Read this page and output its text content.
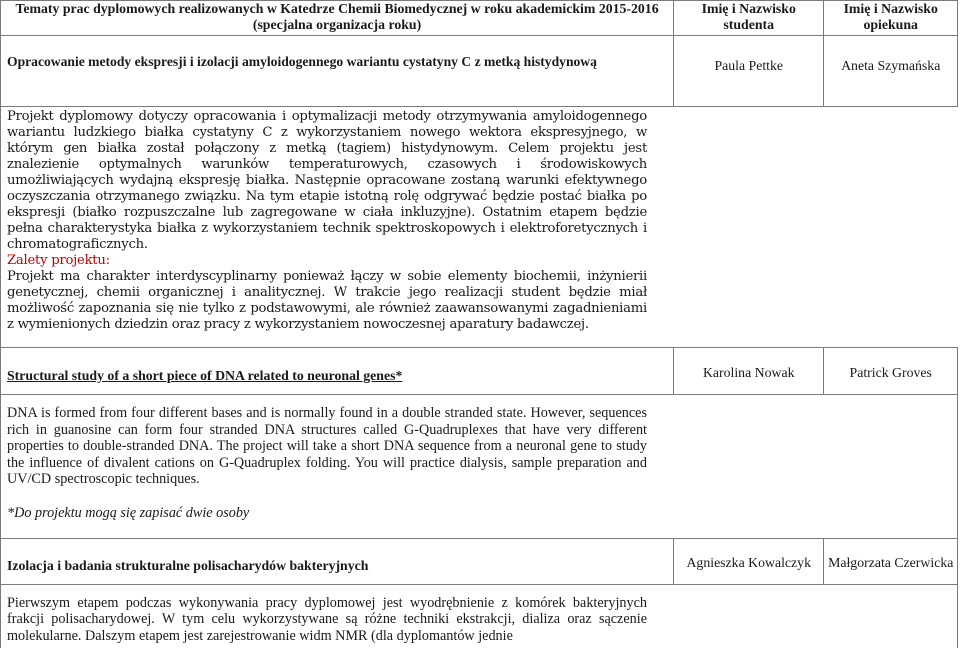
Tematy prac dyplomowych realizowanych w Katedrze Chemii Biomedycznej w roku akademickim 2015-2016 (specjalna organizacja roku)	Imię i Nazwisko studenta	Imię i Nazwisko opiekuna

Opracowanie metody ekspresji i izolacji amyloidogennego wariantu cystatyny C z metką histydynową	Paula Pettke	Aneta Szymańska

Projekt dyplomowy dotyczy opracowania i optymalizacji metody otrzymywania amyloidogennego wariantu ludzkiego białka cystatyny C z wykorzystaniem nowego wektora ekspresyjnego, w którym gen białka został połączony z metką (tagiem) histydynowym. Celem projektu jest znalezienie optymalnych warunków temperaturowych, czasowych i środowiskowych umożliwiających wydajną ekspresję białka. Następnie opracowane zostaną warunki efektywnego oczyszczania otrzymanego związku. Na tym etapie istotną rolę odgrywać będzie postać białka po ekspresji (białko rozpuszczalne lub zagregowane w ciała inkluzyjne). Ostatnim etapem będzie pełna charakterystyka białka z wykorzystaniem technik spektroskopowych i elektroforetycznych i chromatograficznych.
Zalety projektu:
Projekt ma charakter interdyscyplinarny ponieważ łączy w sobie elementy biochemii, inżynierii genetycznej, chemii organicznej i analitycznej. W trakcie jego realizacji student będzie miał możliwość zapoznania się nie tylko z podstawowymi, ale również zaawansowanymi zagadnieniami z wymienionych dziedzin oraz pracy z wykorzystaniem nowoczesnej aparatury badawczej.		

Structural study of a short piece of DNA related to neuronal genes*	Karolina Nowak	Patrick Groves

DNA is formed from four different bases and is normally found in a double stranded state. However, sequences rich in guanosine can form four stranded DNA structures called G-Quadruplexes that have very different properties to double-stranded DNA. The project will take a short DNA sequence from a neuronal gene to study the influence of divalent cations on G-Quadruplex folding. You will practice dialysis, sample preparation and UV/CD spectroscopic techniques.
*Do projektu mogą się zapisać dwie osoby		

Izolacja i badania strukturalne polisacharydów bakteryjnych	Agnieszka Kowalczyk	Małgorzata Czerwicka

Pierwszym etapem podczas wykonywania pracy dyplomowej jest wyodrębnienie z komórek bakteryjnych frakcji polisacharydowej. W tym celu wykorzystywane są różne techniki ekstrakcji, dializa oraz sączenie molekularne. Dalszym etapem jest zarejestrowanie widm NMR (dla dyplomantów jednie		
